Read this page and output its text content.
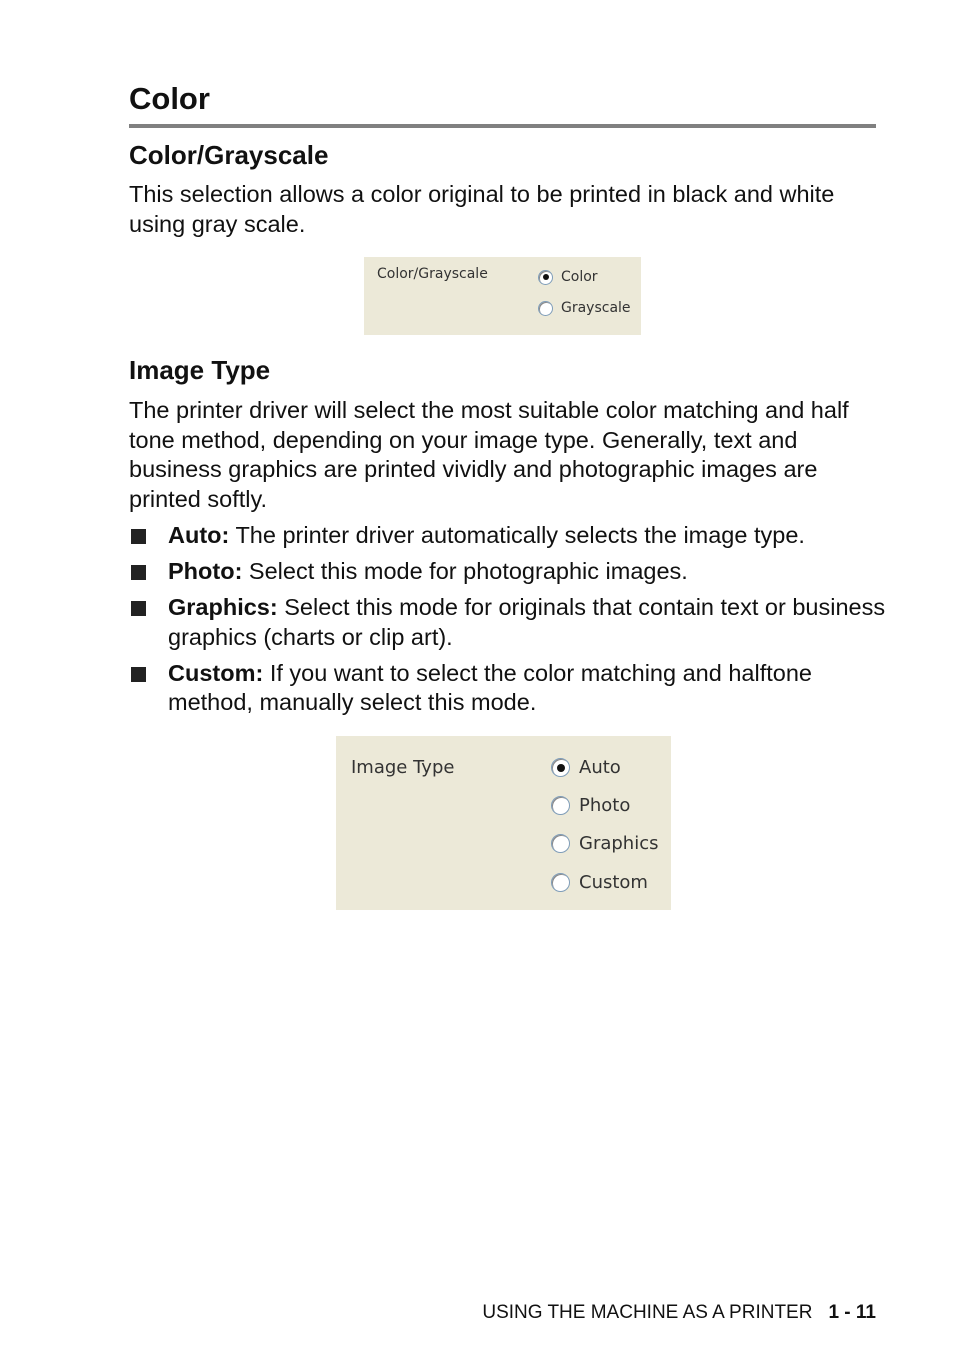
Color
Color/Grayscale

This selection allows a color original to be printed in black and white using gray scale.

Color/Grayscale	Color
Grayscale
Image Type

The printer driver will select the most suitable color matching and half tone method, depending on your image type. Generally, text and business graphics are printed vividly and photographic images are printed softly.

Auto: The printer driver automatically selects the image type.
Photo: Select this mode for photographic images.
Graphics: Select this mode for originals that contain text or business graphics (charts or clip art).
Custom: If you want to select the color matching and halftone method, manually select this mode.

Image Type	Auto
Photo
Graphics
Custom
USING THE MACHINE AS A PRINTER 1 - 11
